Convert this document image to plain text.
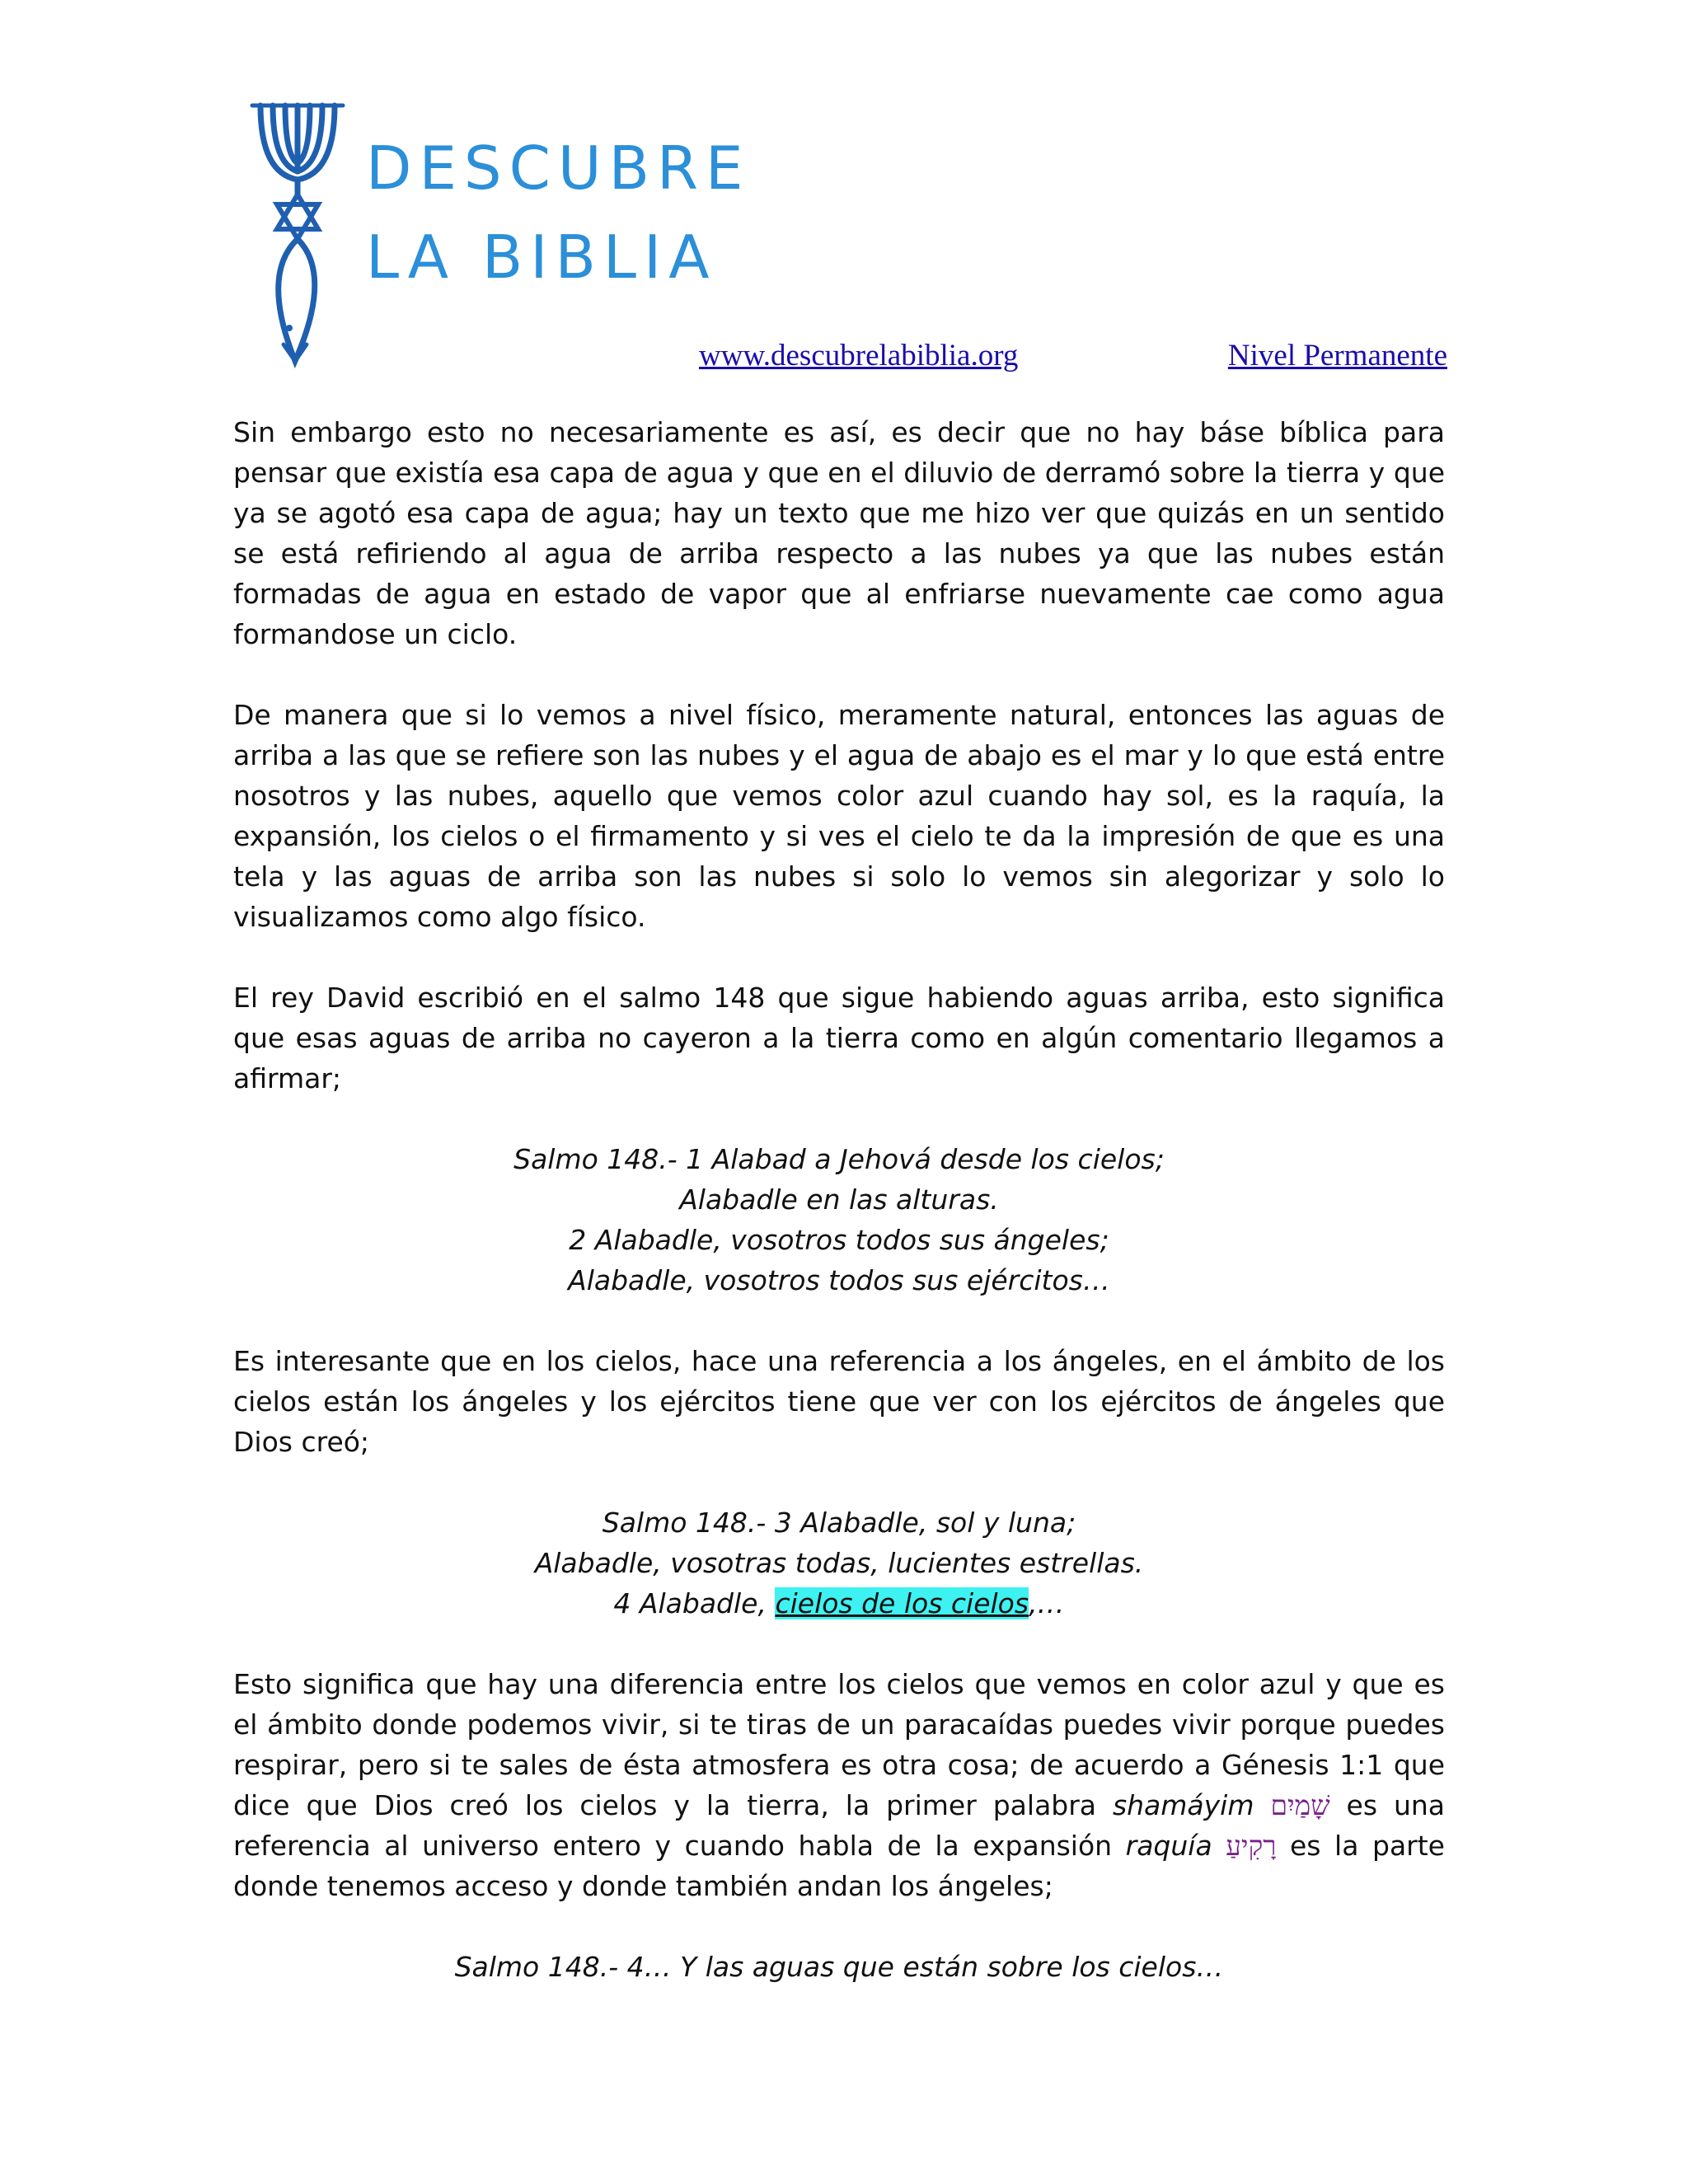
DESCUBRE
LA BIBLIA
www.descubrelabiblia.org	Nivel Permanente

Sin embargo esto no necesariamente es así, es decir que no hay báse bíblica para pensar que existía esa capa de agua y que en el diluvio de derramó sobre la tierra y que ya se agotó esa capa de agua; hay un texto que me hizo ver que quizás en un sentido se está refiriendo al agua de arriba respecto a las nubes ya que las nubes están formadas de agua en estado de vapor que al enfriarse nuevamente cae como agua formandose un ciclo.

De manera que si lo vemos a nivel físico, meramente natural, entonces las aguas de arriba a las que se refiere son las nubes y el agua de abajo es el mar y lo que está entre nosotros y las nubes, aquello que vemos color azul cuando hay sol, es la raquía, la expansión, los cielos o el firmamento y si ves el cielo te da la impresión de que es una tela y las aguas de arriba son las nubes si solo lo vemos sin alegorizar y solo lo visualizamos como algo físico.

El rey David escribió en el salmo 148 que sigue habiendo aguas arriba, esto significa que esas aguas de arriba no cayeron a la tierra como en algún comentario llegamos a afirmar;

Salmo 148.- 1 Alabad a Jehová desde los cielos;
Alabadle en las alturas.
2 Alabadle, vosotros todos sus ángeles;
Alabadle, vosotros todos sus ejércitos…

Es interesante que en los cielos, hace una referencia a los ángeles, en el ámbito de los cielos están los ángeles y los ejércitos tiene que ver con los ejércitos de ángeles que Dios creó;

Salmo 148.- 3 Alabadle, sol y luna;
Alabadle, vosotras todas, lucientes estrellas.
4 Alabadle, cielos de los cielos,…

Esto significa que hay una diferencia entre los cielos que vemos en color azul y que es el ámbito donde podemos vivir, si te tiras de un paracaídas puedes vivir porque puedes respirar, pero si te sales de ésta atmosfera es otra cosa; de acuerdo a Génesis 1:1 que dice que Dios creó los cielos y la tierra, la primer palabra shamáyim שָׁמַיִם es una referencia al universo entero y cuando habla de la expansión raquía רָקִיעַ es la parte donde tenemos acceso y donde también andan los ángeles;

Salmo 148.- 4… Y las aguas que están sobre los cielos…
